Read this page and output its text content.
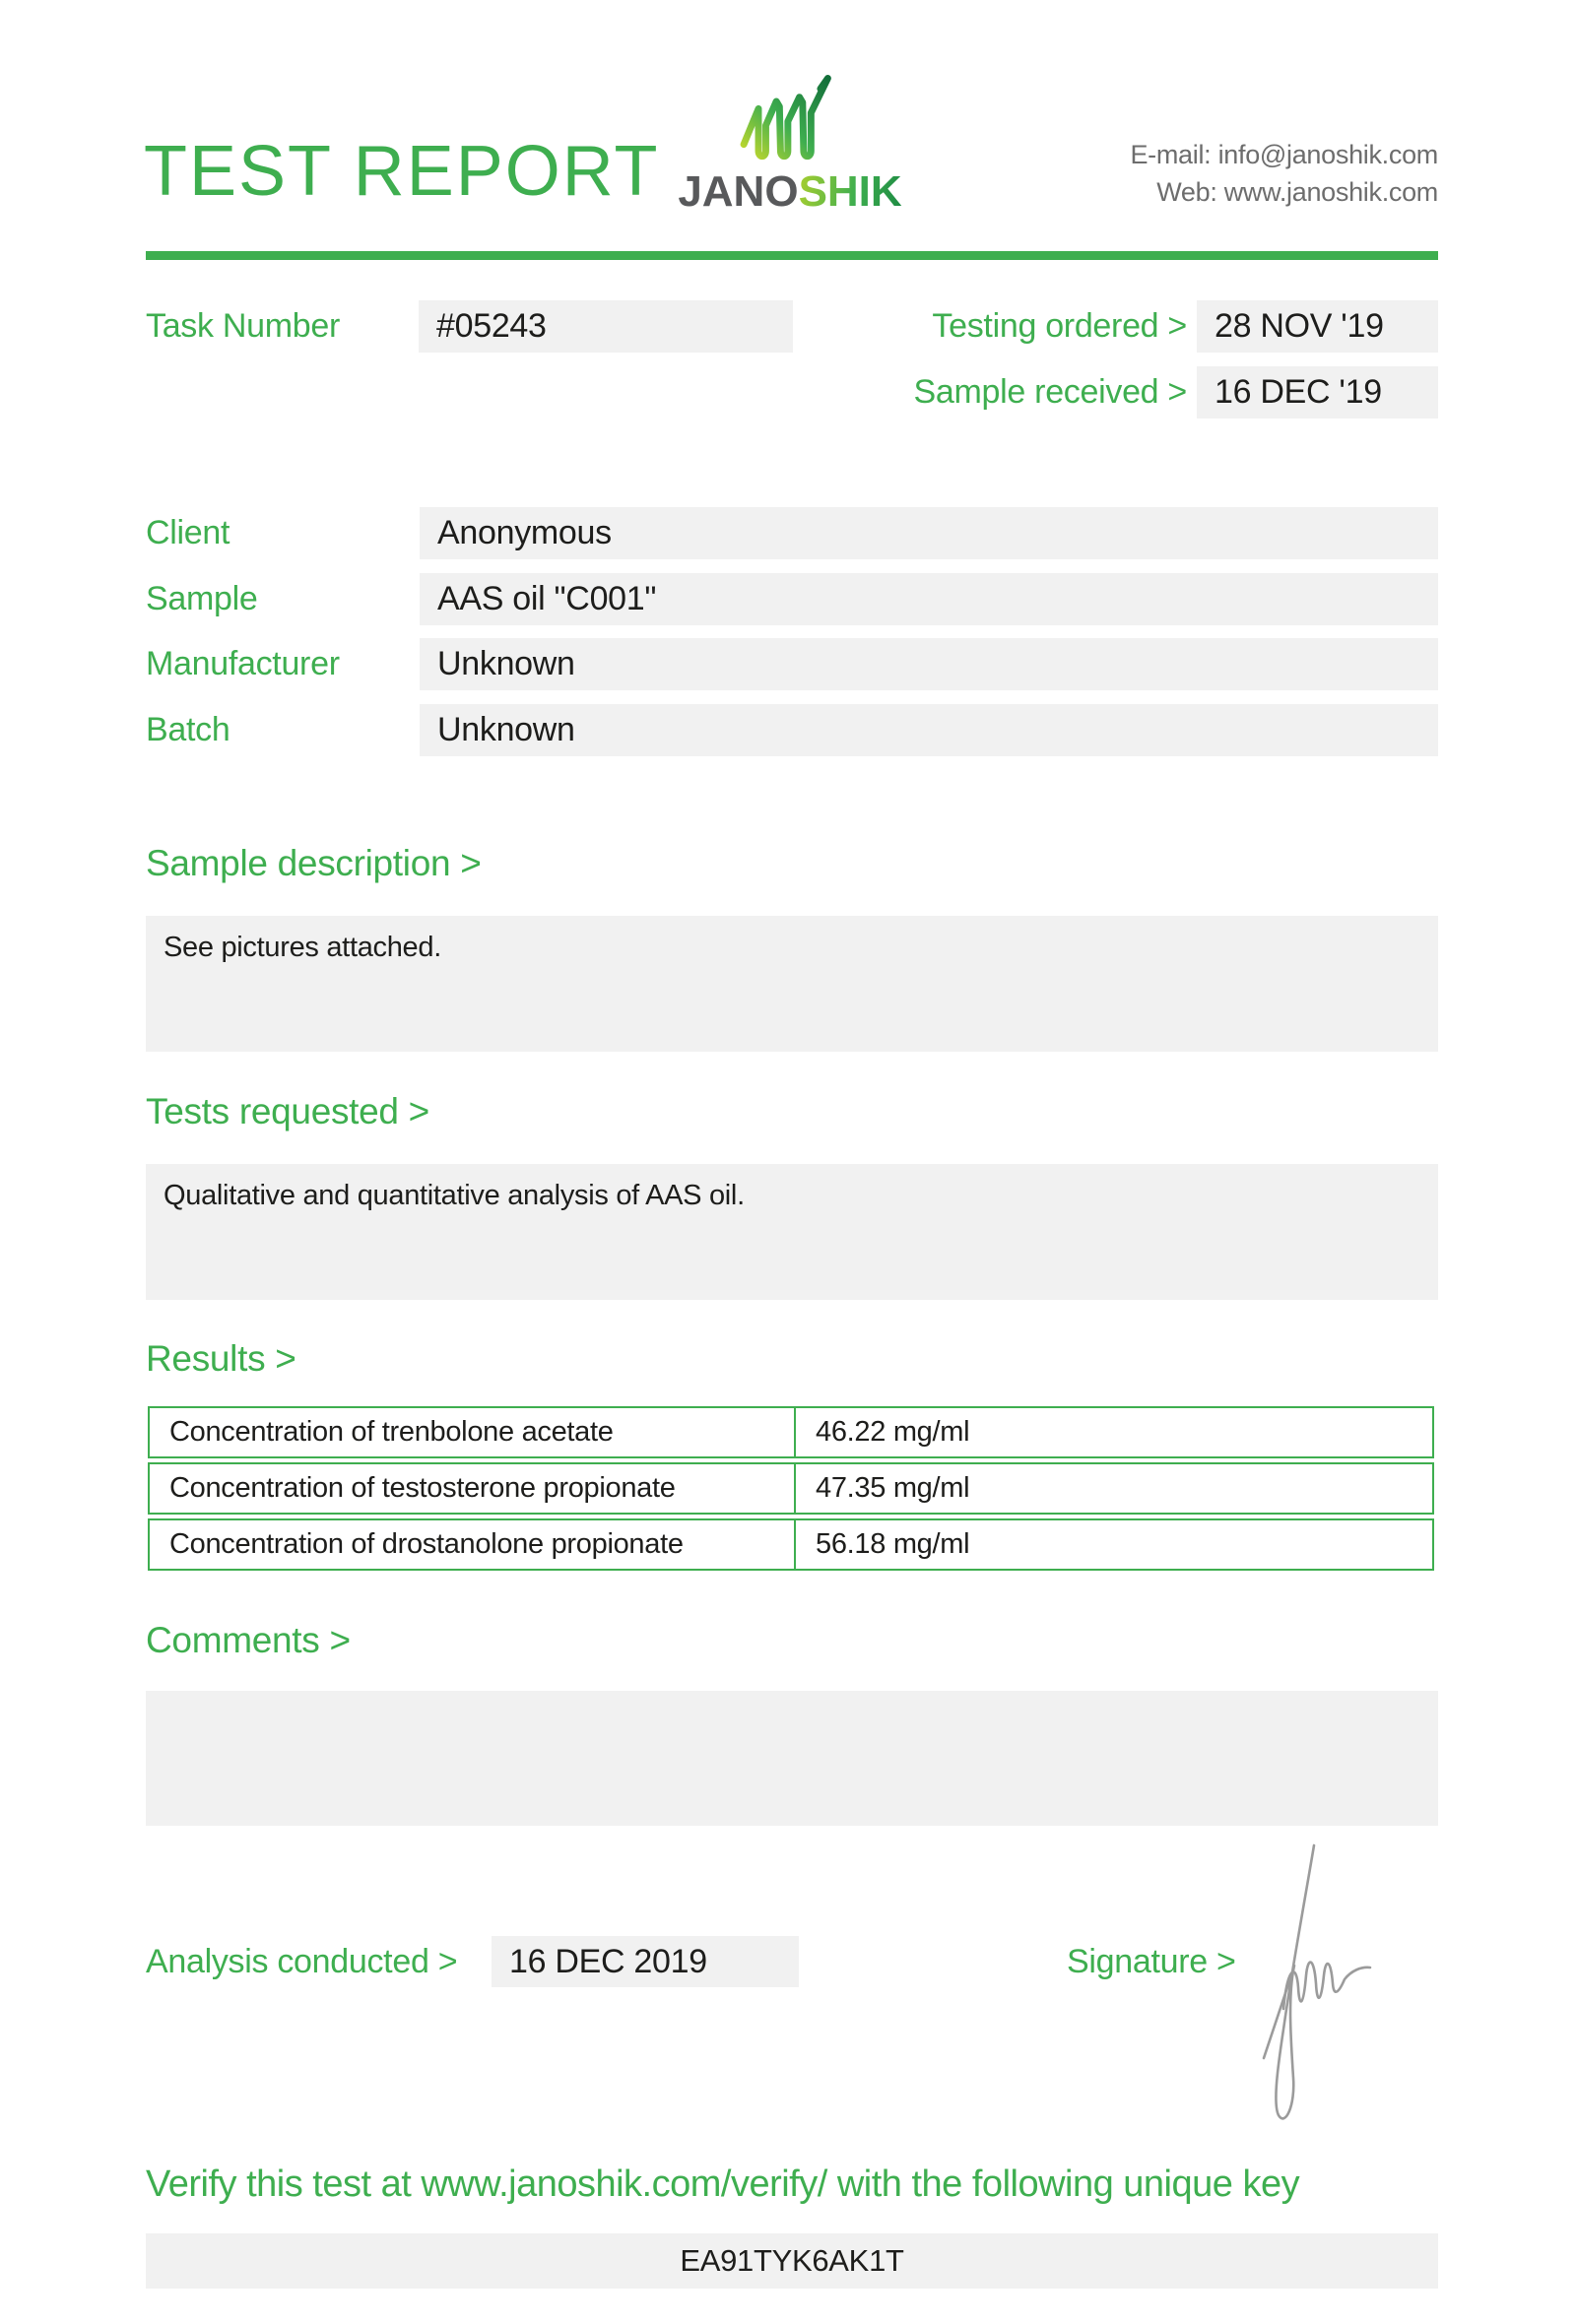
TEST REPORT JANOSHIK
E-mail: info@janoshik.com
Web: www.janoshik.com
Task Number	#05243	Testing ordered > 28 NOV '19
Sample received > 16 DEC '19
Client	Anonymous
Sample	AAS oil "C001"
Manufacturer	Unknown
Batch	Unknown
Sample description >
See pictures attached.
Tests requested >
Qualitative and quantitative analysis of AAS oil.
Results >
Concentration of trenbolone acetate	46.22 mg/ml
Concentration of testosterone propionate	47.35 mg/ml
Concentration of drostanolone propionate	56.18 mg/ml
Comments >
Analysis conducted >	16 DEC 2019	Signature >
Verify this test at www.janoshik.com/verify/ with the following unique key
EA91TYK6AK1T
